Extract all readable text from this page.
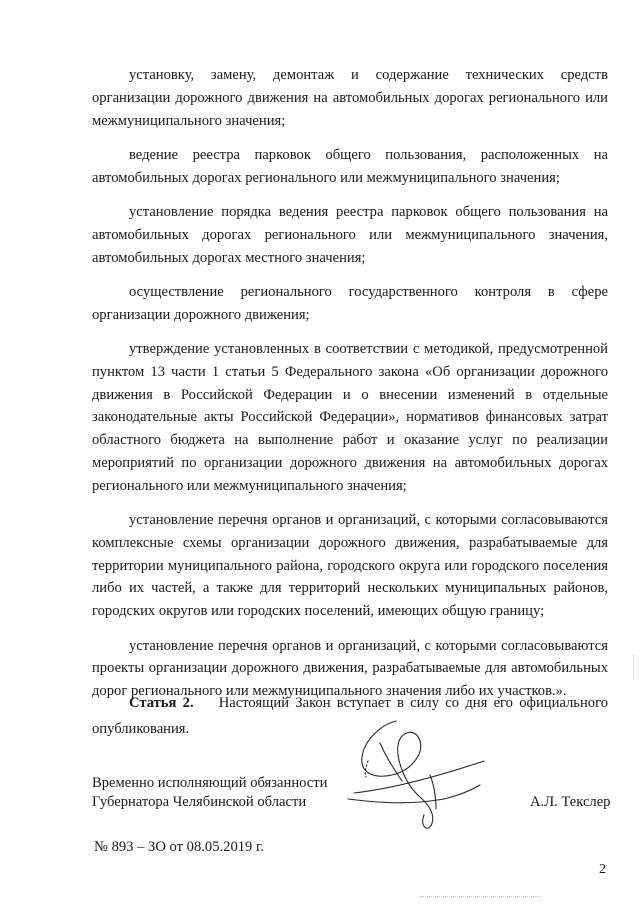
установку, замену, демонтаж и содержание технических средств организации дорожного движения на автомобильных дорогах регионального или межмуниципального значения;

ведение реестра парковок общего пользования, расположенных на автомобильных дорогах регионального или межмуниципального значения;

установление порядка ведения реестра парковок общего пользования на автомобильных дорогах регионального или межмуниципального значения, автомобильных дорогах местного значения;

осуществление регионального государственного контроля в сфере организации дорожного движения;

утверждение установленных в соответствии с методикой, предусмотренной пунктом 13 части 1 статьи 5 Федерального закона «Об организации дорожного движения в Российской Федерации и о внесении изменений в отдельные законодательные акты Российской Федерации», нормативов финансовых затрат областного бюджета на выполнение работ и оказание услуг по реализации мероприятий по организации дорожного движения на автомобильных дорогах регионального или межмуниципального значения;

установление перечня органов и организаций, с которыми согласовываются комплексные схемы организации дорожного движения, разрабатываемые для территории муниципального района, городского округа или городского поселения либо их частей, а также для территорий нескольких муниципальных районов, городских округов или городских поселений, имеющих общую границу;

установление перечня органов и организаций, с которыми согласовываются проекты организации дорожного движения, разрабатываемые для автомобильных дорог регионального или межмуниципального значения либо их участков.».

Статья 2. Настоящий Закон вступает в силу со дня его официального опубликования.
Временно исполняющий обязанности
Губернатора Челябинской области	А.Л. Текслер
№ 893 – ЗО от 08.05.2019 г.
2
